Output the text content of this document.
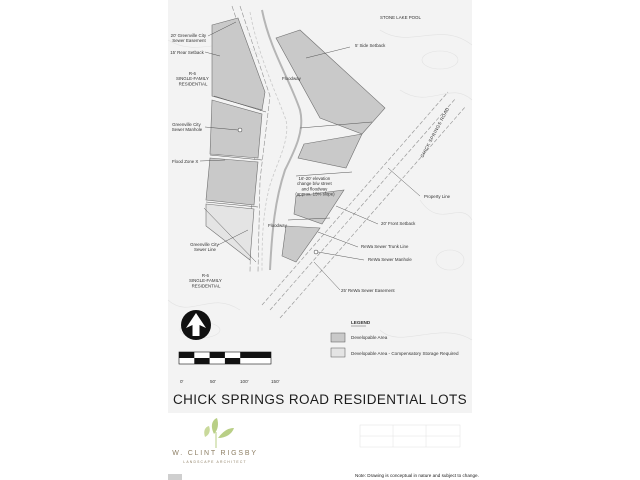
STONE LAKE POOL
20' Greenville City Sewer Easement
15' Rear Setback
R-6 SINGLE-FAMILY RESIDENTIAL
Floodway
5' Side Setback
Greenville City Sewer Manhole	CHICK SPRINGS ROAD
Flood Zone X
16'-20' elevation change b/w street and floodway (approx. 15% slope)	Property Line
20' Front Setback
Floodway
Greenville City Sewer Line
ReWa Sewer Trunk Line
ReWa Sewer Manhole
R-6 SINGLE-FAMILY RESIDENTIAL
25' ReWa Sewer Easement
0'	50'	100'	150'
LEGEND
Developable Area
Developable Area - Compensatory Storage Required
CHICK SPRINGS ROAD RESIDENTIAL LOTS
W. CLINT RIGSBY
LANDSCAPE ARCHITECT
Note: Drawing is conceptual in nature and subject to change.
